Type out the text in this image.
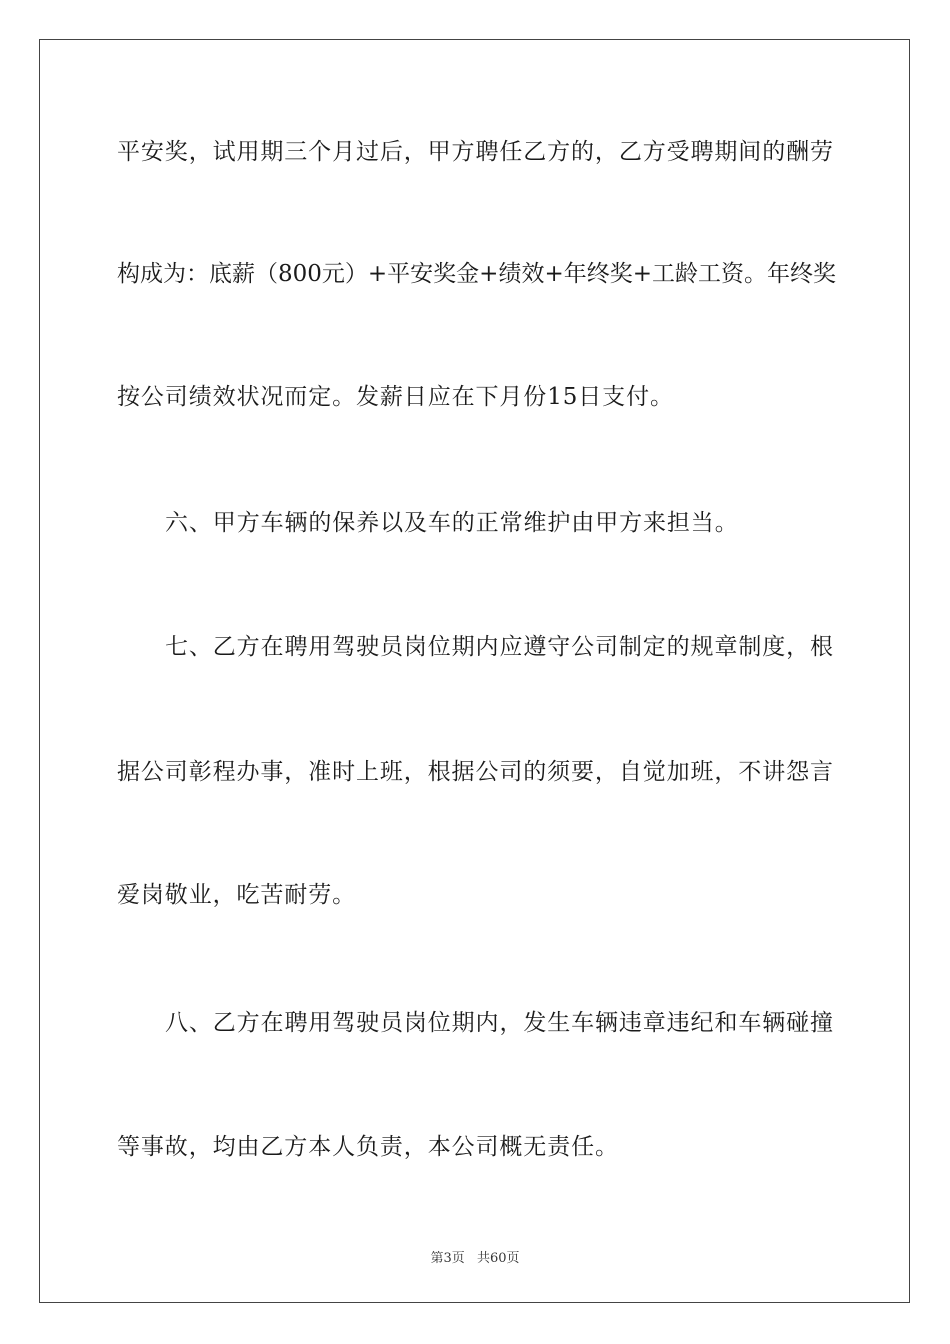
平安奖，试用期三个月过后，甲方聘任乙方的，乙方受聘期间的酬劳
构成为：底薪（800元）+平安奖金+绩效+年终奖+工龄工资。年终奖
按公司绩效状况而定。发薪日应在下月份15日支付。
六、甲方车辆的保养以及车的正常维护由甲方来担当。
七、乙方在聘用驾驶员岗位期内应遵守公司制定的规章制度，根
据公司彰程办事，准时上班，根据公司的须要，自觉加班，不讲怨言
爱岗敬业，吃苦耐劳。
八、乙方在聘用驾驶员岗位期内，发生车辆违章违纪和车辆碰撞
等事故，均由乙方本人负责，本公司概无责任。
第3页 共60页
